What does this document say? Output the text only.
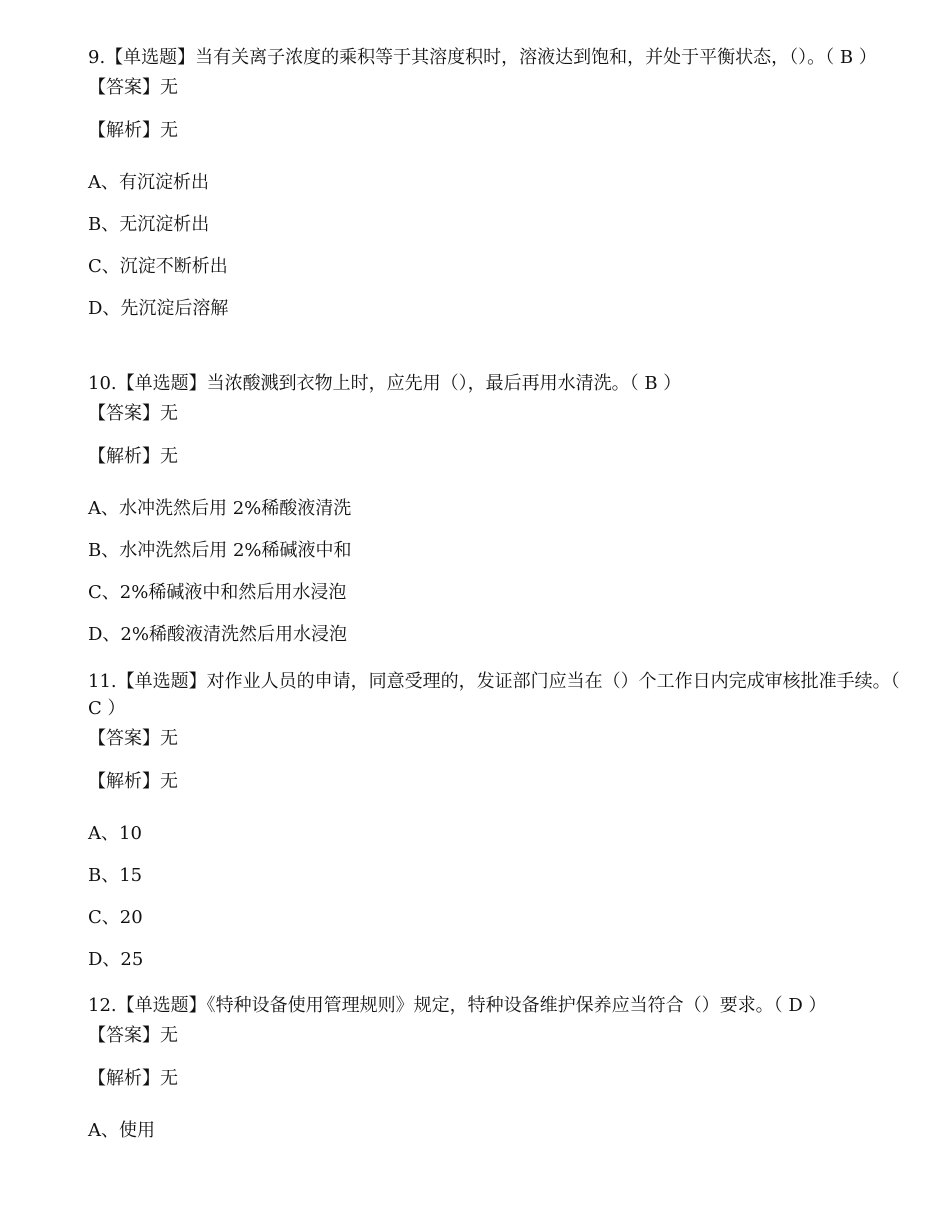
9.【单选题】当有关离子浓度的乘积等于其溶度积时，溶液达到饱和，并处于平衡状态，（）。（ B ）

【答案】无

【解析】无

A、有沉淀析出

B、无沉淀析出

C、沉淀不断析出

D、先沉淀后溶解

10.【单选题】当浓酸溅到衣物上时，应先用（），最后再用水清洗。（ B ）

【答案】无

【解析】无

A、水冲洗然后用 2%稀酸液清洗

B、水冲洗然后用 2%稀碱液中和

C、2%稀碱液中和然后用水浸泡

D、2%稀酸液清洗然后用水浸泡

11.【单选题】对作业人员的申请，同意受理的，发证部门应当在（）个工作日内完成审核批准手续。（ C ）

【答案】无

【解析】无

A、10

B、15

C、20

D、25

12.【单选题】《特种设备使用管理规则》规定，特种设备维护保养应当符合（）要求。（ D ）

【答案】无

【解析】无

A、使用
